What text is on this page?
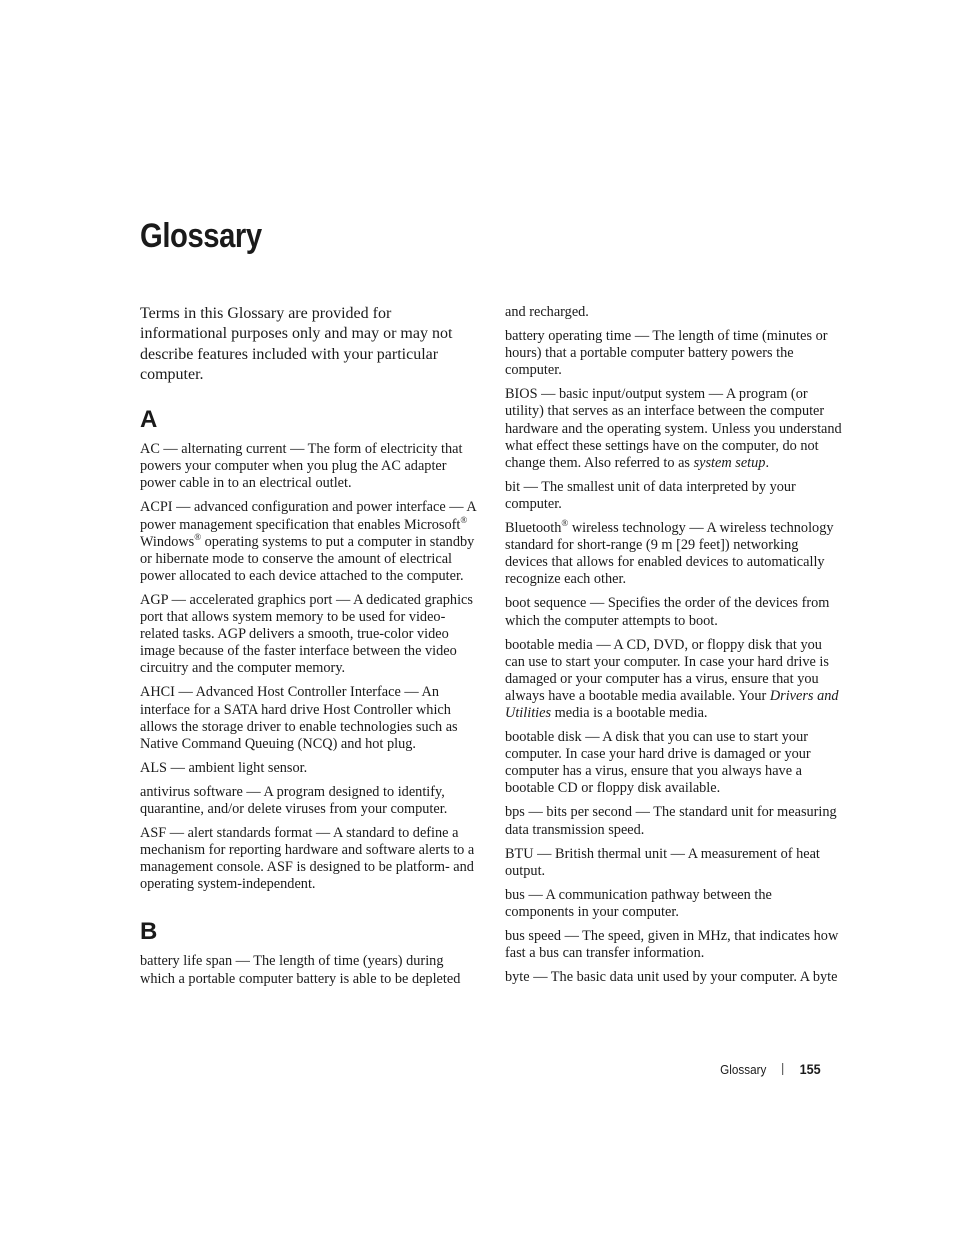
Glossary

Terms in this Glossary are provided for informational purposes only and may or may not describe features included with your particular computer.

A

AC — alternating current — The form of electricity that powers your computer when you plug the AC adapter power cable in to an electrical outlet.

ACPI — advanced configuration and power interface — A power management specification that enables Microsoft® Windows® operating systems to put a computer in standby or hibernate mode to conserve the amount of electrical power allocated to each device attached to the computer.

AGP — accelerated graphics port — A dedicated graphics port that allows system memory to be used for video-related tasks. AGP delivers a smooth, true-color video image because of the faster interface between the video circuitry and the computer memory.

AHCI — Advanced Host Controller Interface — An interface for a SATA hard drive Host Controller which allows the storage driver to enable technologies such as Native Command Queuing (NCQ) and hot plug.

ALS — ambient light sensor.

antivirus software — A program designed to identify, quarantine, and/or delete viruses from your computer.

ASF — alert standards format — A standard to define a mechanism for reporting hardware and software alerts to a management console. ASF is designed to be platform- and operating system-independent.

B

battery life span — The length of time (years) during which a portable computer battery is able to be depleted

and recharged.

battery operating time — The length of time (minutes or hours) that a portable computer battery powers the computer.

BIOS — basic input/output system — A program (or utility) that serves as an interface between the computer hardware and the operating system. Unless you understand what effect these settings have on the computer, do not change them. Also referred to as system setup.

bit — The smallest unit of data interpreted by your computer.

Bluetooth® wireless technology — A wireless technology standard for short-range (9 m [29 feet]) networking devices that allows for enabled devices to automatically recognize each other.

boot sequence — Specifies the order of the devices from which the computer attempts to boot.

bootable media — A CD, DVD, or floppy disk that you can use to start your computer. In case your hard drive is damaged or your computer has a virus, ensure that you always have a bootable media available. Your Drivers and Utilities media is a bootable media.

bootable disk — A disk that you can use to start your computer. In case your hard drive is damaged or your computer has a virus, ensure that you always have a bootable CD or floppy disk available.

bps — bits per second — The standard unit for measuring data transmission speed.

BTU — British thermal unit — A measurement of heat output.

bus — A communication pathway between the components in your computer.

bus speed — The speed, given in MHz, that indicates how fast a bus can transfer information.

byte — The basic data unit used by your computer. A byte

Glossary 155
